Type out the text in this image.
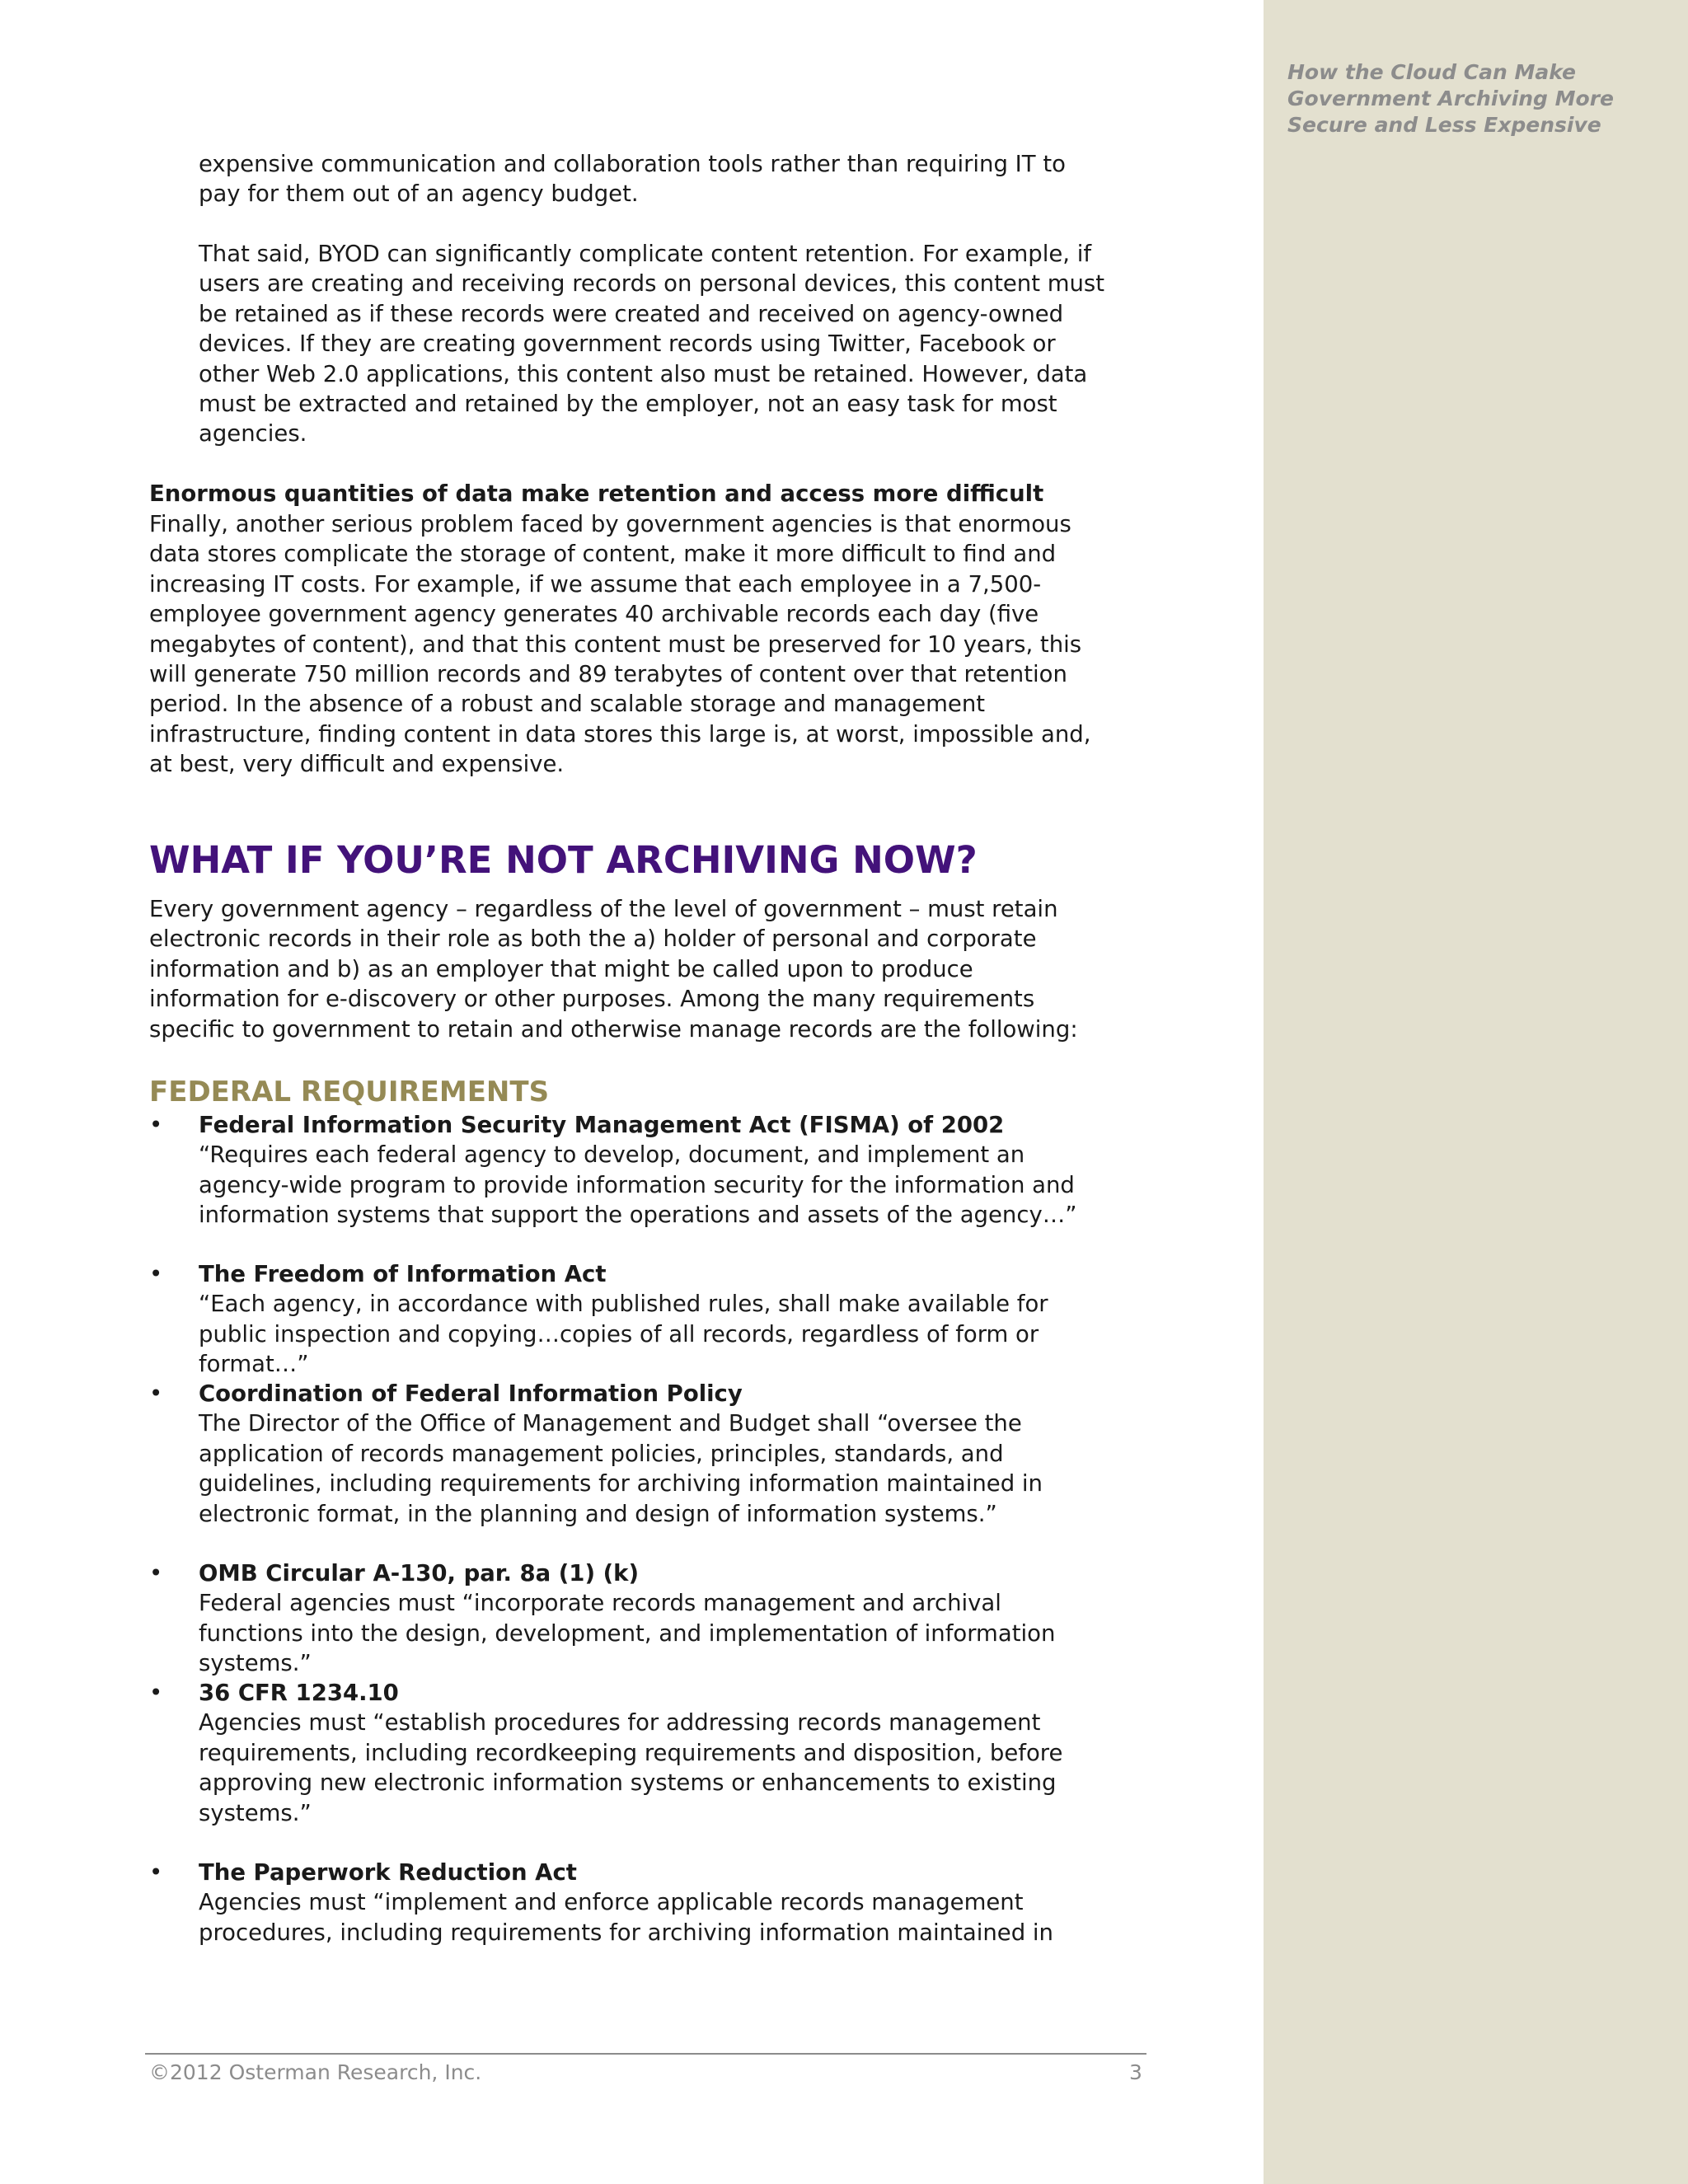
How the Cloud Can Make Government Archiving More Secure and Less Expensive

expensive communication and collaboration tools rather than requiring IT to pay for them out of an agency budget.

That said, BYOD can significantly complicate content retention. For example, if users are creating and receiving records on personal devices, this content must be retained as if these records were created and received on agency-owned devices. If they are creating government records using Twitter, Facebook or other Web 2.0 applications, this content also must be retained. However, data must be extracted and retained by the employer, not an easy task for most agencies.

Enormous quantities of data make retention and access more difficult

Finally, another serious problem faced by government agencies is that enormous data stores complicate the storage of content, make it more difficult to find and increasing IT costs. For example, if we assume that each employee in a 7,500-employee government agency generates 40 archivable records each day (five megabytes of content), and that this content must be preserved for 10 years, this will generate 750 million records and 89 terabytes of content over that retention period. In the absence of a robust and scalable storage and management infrastructure, finding content in data stores this large is, at worst, impossible and, at best, very difficult and expensive.

WHAT IF YOU’RE NOT ARCHIVING NOW?

Every government agency – regardless of the level of government – must retain electronic records in their role as both the a) holder of personal and corporate information and b) as an employer that might be called upon to produce information for e-discovery or other purposes. Among the many requirements specific to government to retain and otherwise manage records are the following:

FEDERAL REQUIREMENTS
• Federal Information Security Management Act (FISMA) of 2002

“Requires each federal agency to develop, document, and implement an agency-wide program to provide information security for the information and information systems that support the operations and assets of the agency…”

• The Freedom of Information Act

“Each agency, in accordance with published rules, shall make available for public inspection and copying…copies of all records, regardless of form or format…”

• Coordination of Federal Information Policy

The Director of the Office of Management and Budget shall “oversee the application of records management policies, principles, standards, and guidelines, including requirements for archiving information maintained in electronic format, in the planning and design of information systems.”

• OMB Circular A-130, par. 8a (1) (k)

Federal agencies must “incorporate records management and archival functions into the design, development, and implementation of information systems.”

• 36 CFR 1234.10

Agencies must “establish procedures for addressing records management requirements, including recordkeeping requirements and disposition, before approving new electronic information systems or enhancements to existing systems.”

• The Paperwork Reduction Act

Agencies must “implement and enforce applicable records management procedures, including requirements for archiving information maintained in

©2012 Osterman Research, Inc.	3
